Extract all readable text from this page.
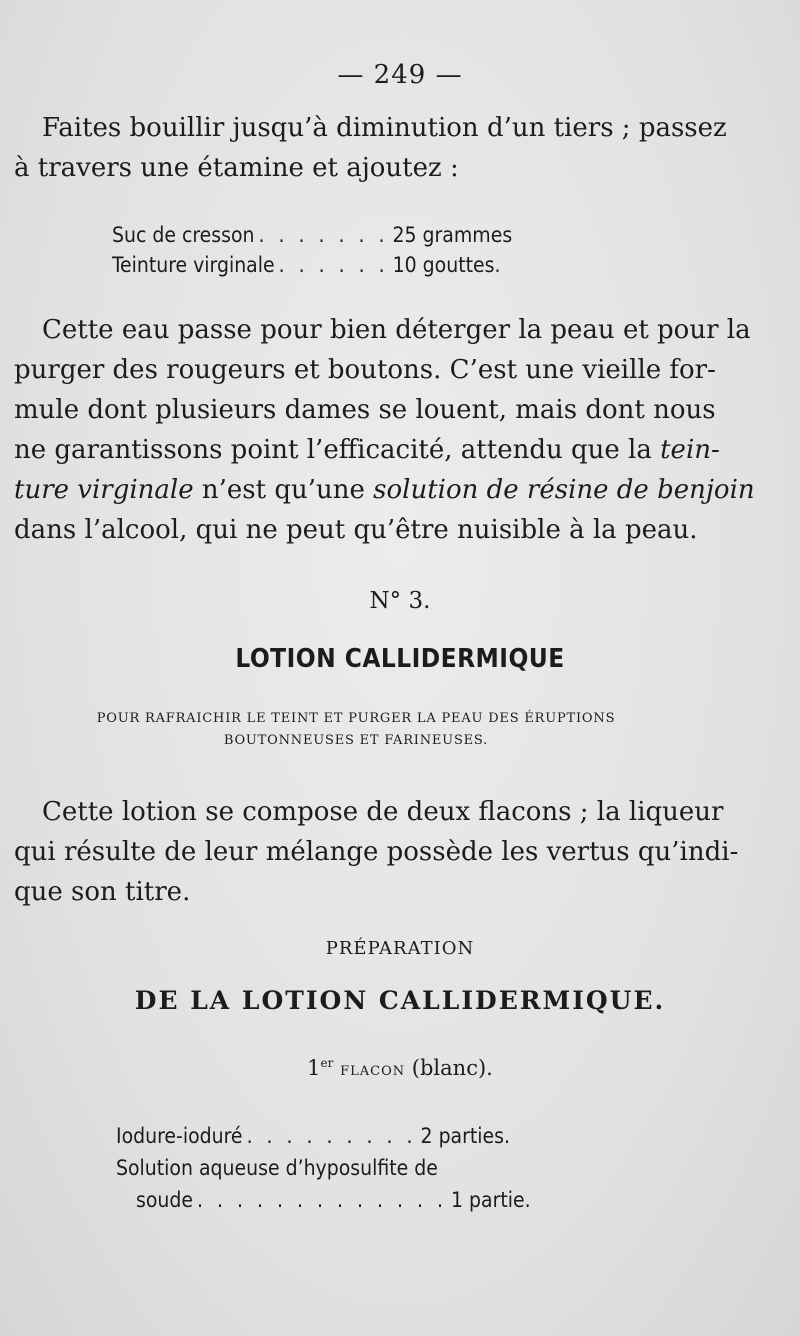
— 249 —
Faites bouillir jusqu’à diminution d’un tiers ; passez
à travers une étamine et ajoutez :
Suc de cresson . . . . . . . 25 grammes
Teinture virginale . . . . . . 10 gouttes.
Cette eau passe pour bien déterger la peau et pour la
purger des rougeurs et boutons. C’est une vieille for-
mule dont plusieurs dames se louent, mais dont nous
ne garantissons point l’efficacité, attendu que la tein-
ture virginale n’est qu’une solution de résine de benjoin
dans l’alcool, qui ne peut qu’être nuisible à la peau.
N° 3.
LOTION CALLIDERMIQUE
POUR RAFRAICHIR LE TEINT ET PURGER LA PEAU DES ÉRUPTIONS
BOUTONNEUSES ET FARINEUSES.
Cette lotion se compose de deux flacons ; la liqueur
qui résulte de leur mélange possède les vertus qu’indi-
que son titre.
PRÉPARATION
DE LA LOTION CALLIDERMIQUE.
1er FLACON (blanc).
Iodure-ioduré . . . . . . . . . 2 parties.
Solution aqueuse d’hyposulfite de
soude . . . . . . . . . . . . . 1 partie.
